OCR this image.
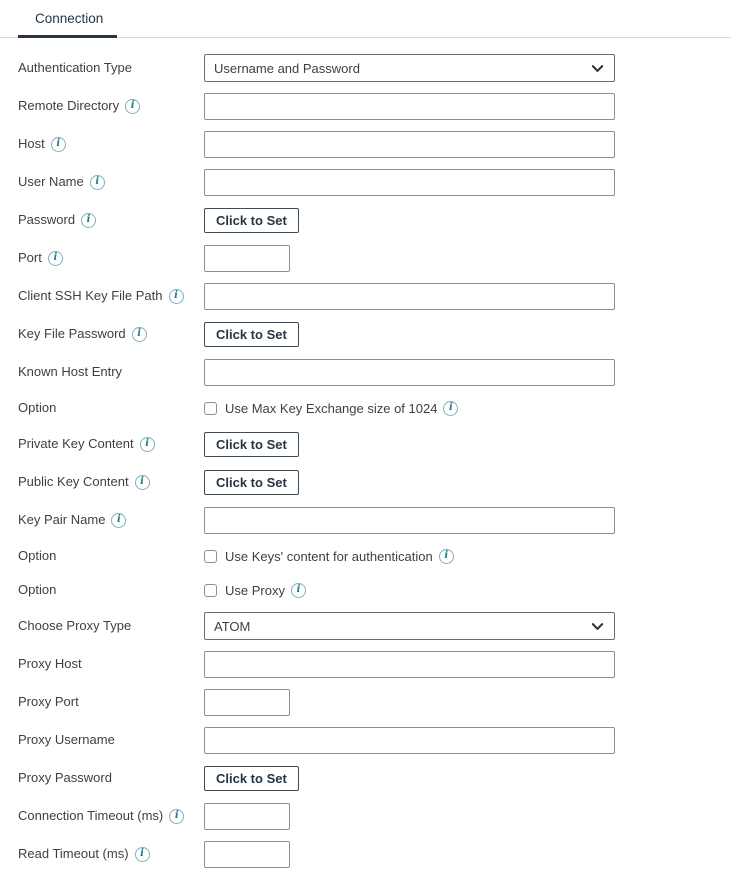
Connection
Authentication Type	Username and Password
Remote Directory i
Host i
User Name i
Password i	Click to Set
Port i
Client SSH Key File Path i
Key File Password i	Click to Set
Known Host Entry
Option	Use Max Key Exchange size of 1024 i
Private Key Content i	Click to Set
Public Key Content i	Click to Set
Key Pair Name i
Option	Use Keys' content for authentication i
Option	Use Proxy i
Choose Proxy Type	ATOM
Proxy Host
Proxy Port
Proxy Username
Proxy Password	Click to Set
Connection Timeout (ms) i
Read Timeout (ms) i
